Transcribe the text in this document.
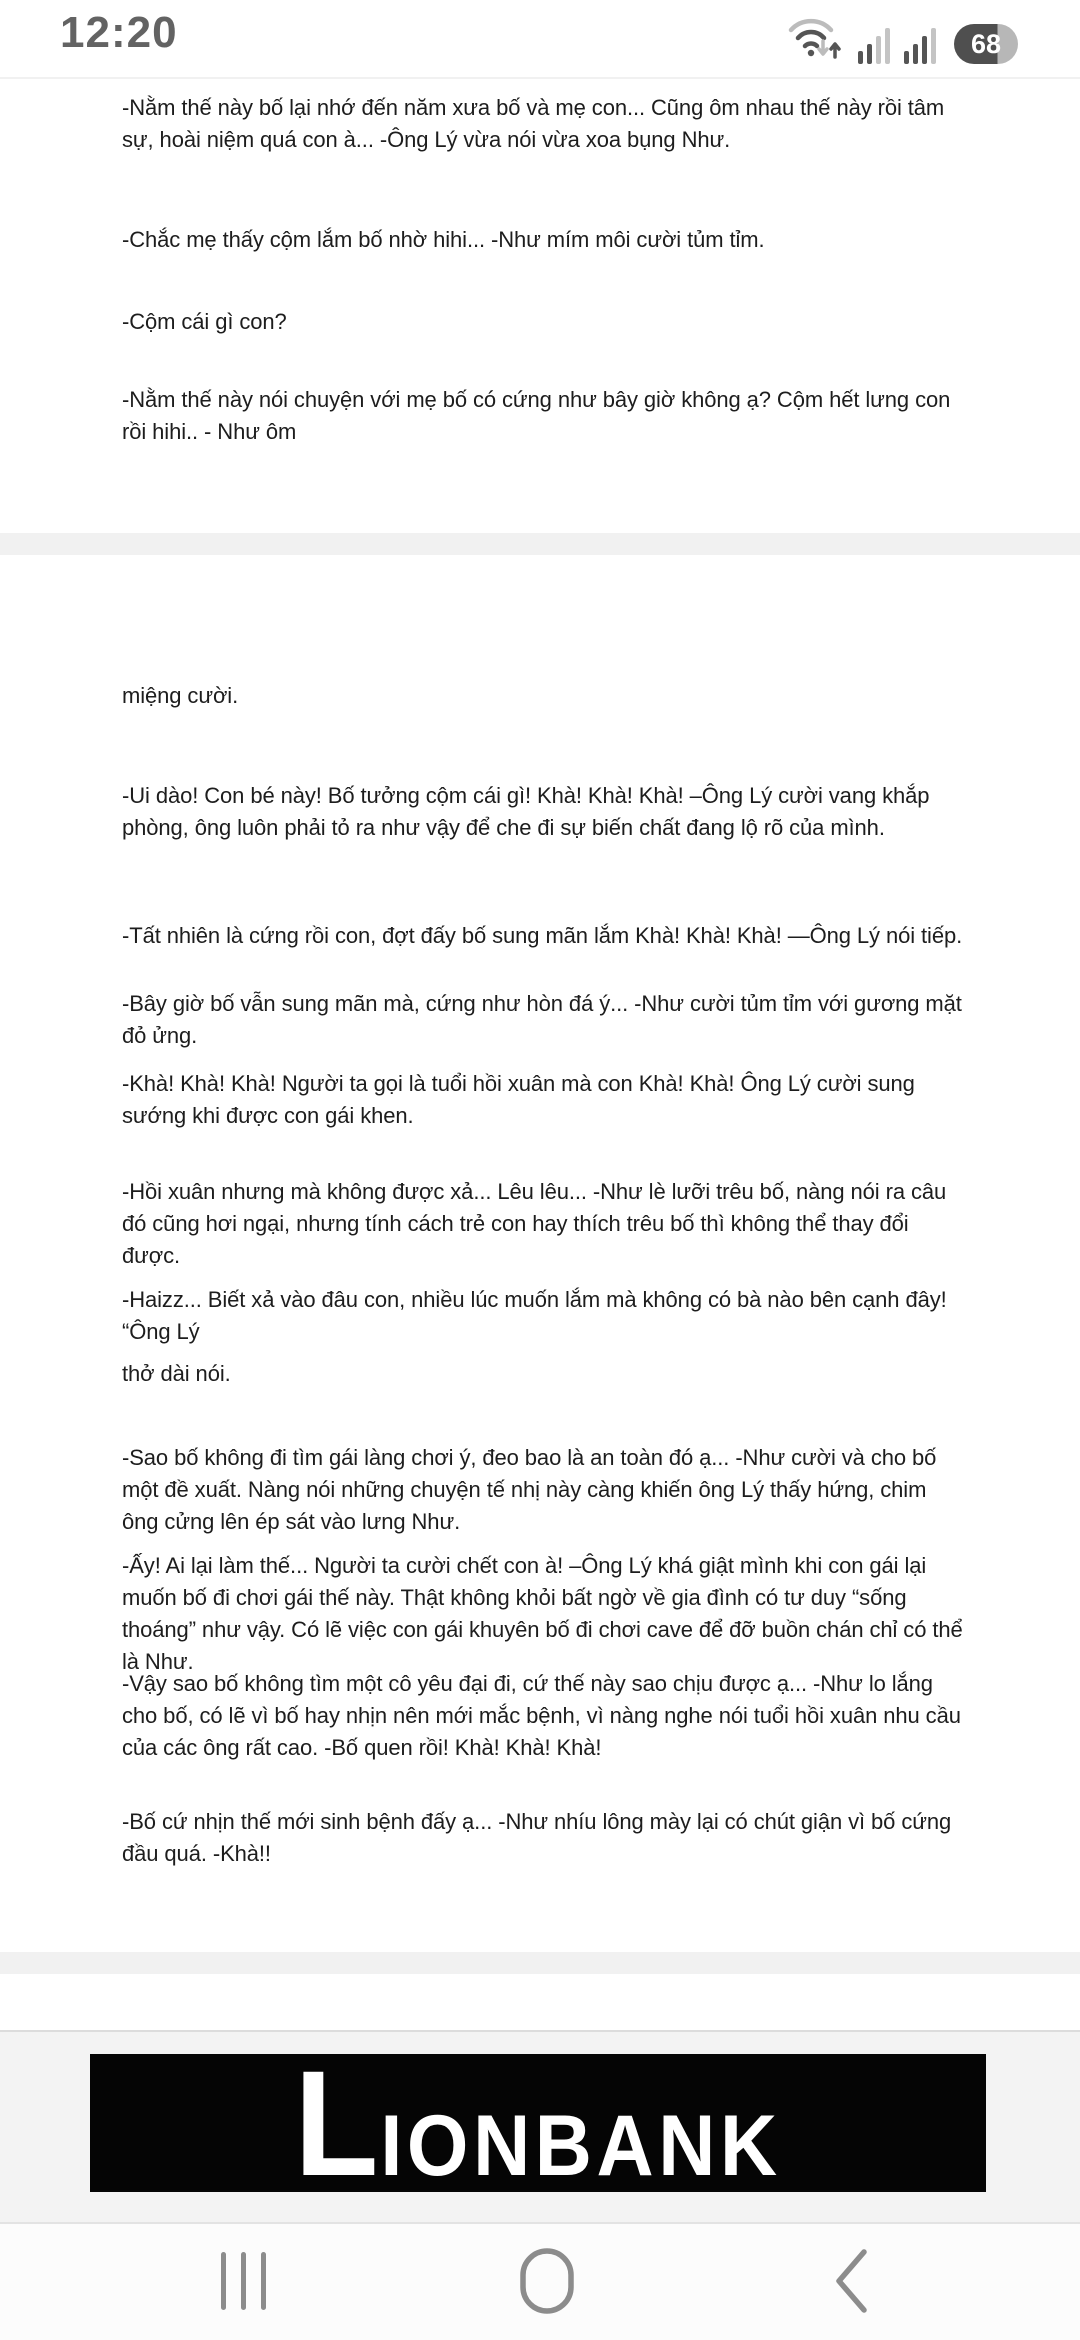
12:20	68
-Nằm thế này bố lại nhớ đến năm xưa bố và mẹ con... Cũng ôm nhau thế này rồi tâm sự, hoài niệm quá con à... -Ông Lý vừa nói vừa xoa bụng Như.
-Chắc mẹ thấy cộm lắm bố nhờ hihi... -Như mím môi cười tủm tỉm.
-Cộm cái gì con?
-Nằm thế này nói chuyện với mẹ bố có cứng như bây giờ không ạ? Cộm hết lưng con rồi hihi.. - Như ôm
miệng cười.
-Ui dào! Con bé này! Bố tưởng cộm cái gì! Khà! Khà! Khà! –Ông Lý cười vang khắp phòng, ông luôn phải tỏ ra như vậy để che đi sự biến chất đang lộ rõ của mình.
-Tất nhiên là cứng rồi con, đợt đấy bố sung mãn lắm Khà! Khà! Khà! —Ông Lý nói tiếp.
-Bây giờ bố vẫn sung mãn mà, cứng như hòn đá ý... -Như cười tủm tỉm với gương mặt đỏ ửng.
-Khà! Khà! Khà! Người ta gọi là tuổi hồi xuân mà con Khà! Khà! Ông Lý cười sung sướng khi được con gái khen.
-Hồi xuân nhưng mà không được xả... Lêu lêu... -Như lè lưỡi trêu bố, nàng nói ra câu đó cũng hơi ngại, nhưng tính cách trẻ con hay thích trêu bố thì không thể thay đổi được.
-Haizz... Biết xả vào đâu con, nhiều lúc muốn lắm mà không có bà nào bên cạnh đây! “Ông Lý
thở dài nói.
-Sao bố không đi tìm gái làng chơi ý, đeo bao là an toàn đó ạ... -Như cười và cho bố một đề xuất. Nàng nói những chuyện tế nhị này càng khiến ông Lý thấy hứng, chim ông cửng lên ép sát vào lưng Như.
-Ấy! Ai lại làm thế... Người ta cười chết con à! –Ông Lý khá giật mình khi con gái lại muốn bố đi chơi gái thế này. Thật không khỏi bất ngờ về gia đình có tư duy “sống thoáng” như vậy. Có lẽ việc con gái khuyên bố đi chơi cave để đỡ buồn chán chỉ có thể là Như.
-Vậy sao bố không tìm một cô yêu đại đi, cứ thế này sao chịu được ạ... -Như lo lắng cho bố, có lẽ vì bố hay nhịn nên mới mắc bệnh, vì nàng nghe nói tuổi hồi xuân nhu cầu của các ông rất cao. -Bố quen rồi! Khà! Khà! Khà!
-Bố cứ nhịn thế mới sinh bệnh đấy ạ... -Như nhíu lông mày lại có chút giận vì bố cứng đầu quá. -Khà!!
L IONBANK
